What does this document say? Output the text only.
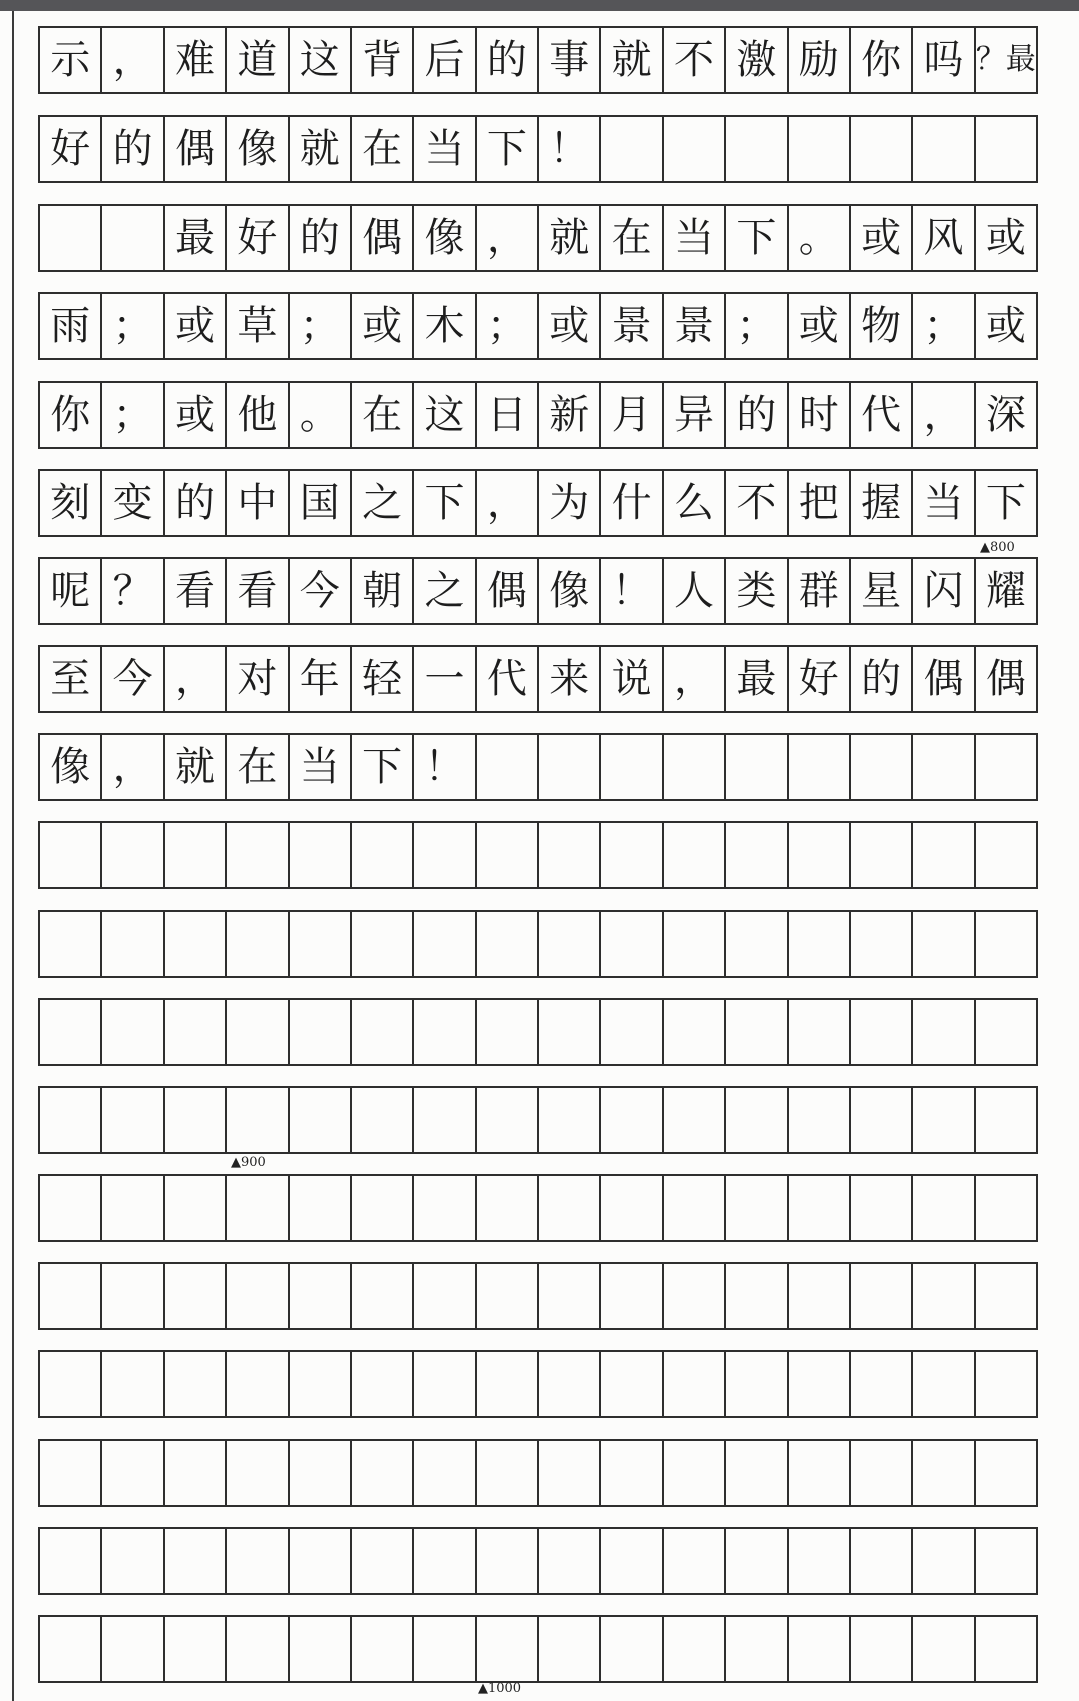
示 ， 难 道 这 背 后 的 事 就 不 激 励 你 吗 ？最
好 的 偶 像 就 在 当 下 ！
最 好 的 偶 像 ， 就 在 当 下 。 或 风 或
雨 ； 或 草 ； 或 木 ； 或 景 景 ； 或 物 ； 或
你 ； 或 他 。 在 这 日 新 月 异 的 时 代 ， 深
刻 变 的 中 国 之 下 ， 为 什 么 不 把 握 当 下
呢 ？ 看 看 今 朝 之 偶 像 ！ 人 类 群 星 闪 耀
至 今 ， 对 年 轻 一 代 来 说 ， 最 好 的 偶 偶
像 ， 就 在 当 下 ！
▲800
▲900
▲1000
